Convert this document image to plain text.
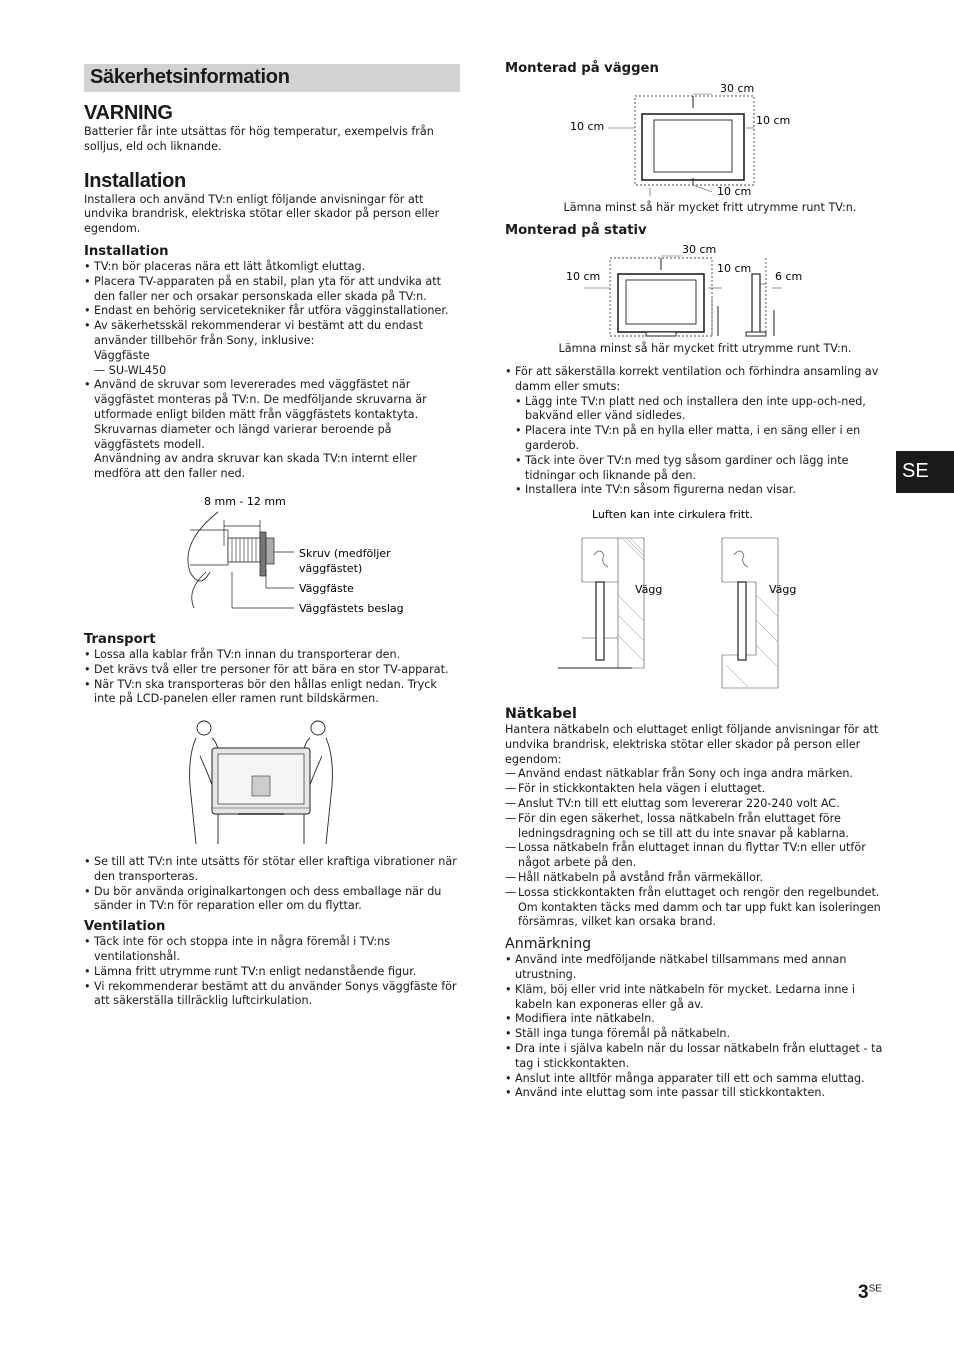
Säkerhetsinformation
VARNING

Batterier får inte utsättas för hög temperatur, exempelvis från solljus, eld och liknande.

Installation

Installera och använd TV:n enligt följande anvisningar för att undvika brandrisk, elektriska stötar eller skador på person eller egendom.

Installation
• TV:n bör placeras nära ett lätt åtkomligt eluttag.
• Placera TV-apparaten på en stabil, plan yta för att undvika att den faller ner och orsakar personskada eller skada på TV:n.
• Endast en behörig servicetekniker får utföra vägginstallationer.
• Av säkerhetsskäl rekommenderar vi bestämt att du endast använder tillbehör från Sony, inklusive:
Väggfäste
— SU-WL450
• Använd de skruvar som levererades med väggfästet när väggfästet monteras på TV:n. De medföljande skruvarna är utformade enligt bilden mätt från väggfästets kontaktyta. Skruvarnas diameter och längd varierar beroende på väggfästets modell.
Användning av andra skruvar kan skada TV:n internt eller medföra att den faller ned.
8 mm - 12 mm
Skruv (medföljer
väggfästet)
Väggfäste
Väggfästets beslag
Transport
• Lossa alla kablar från TV:n innan du transporterar den.
• Det krävs två eller tre personer för att bära en stor TV-apparat.
• När TV:n ska transporteras bör den hållas enligt nedan. Tryck inte på LCD-panelen eller ramen runt bildskärmen.
• Se till att TV:n inte utsätts för stötar eller kraftiga vibrationer när den transporteras.
• Du bör använda originalkartongen och dess emballage när du sänder in TV:n för reparation eller om du flyttar.
Ventilation
• Täck inte för och stoppa inte in några föremål i TV:ns ventilationshål.
• Lämna fritt utrymme runt TV:n enligt nedanstående figur.
• Vi rekommenderar bestämt att du använder Sonys väggfäste för att säkerställa tillräcklig luftcirkulation.
Monterad på väggen
30 cm
10 cm	10 cm
10 cm
Lämna minst så här mycket fritt utrymme runt TV:n.
Monterad på stativ
30 cm
10 cm
10 cm
6 cm
Lämna minst så här mycket fritt utrymme runt TV:n.
• För att säkerställa korrekt ventilation och förhindra ansamling av damm eller smuts:
• Lägg inte TV:n platt ned och installera den inte upp-och-ned, bakvänd eller vänd sidledes.
• Placera inte TV:n på en hylla eller matta, i en säng eller i en garderob.
• Täck inte över TV:n med tyg såsom gardiner och lägg inte tidningar och liknande på den.
• Installera inte TV:n såsom figurerna nedan visar.
Luften kan inte cirkulera fritt.
Vägg	Vägg
Nätkabel

Hantera nätkabeln och eluttaget enligt följande anvisningar för att undvika brandrisk, elektriska stötar eller skador på person eller egendom:

— Använd endast nätkablar från Sony och inga andra märken.
— För in stickkontakten hela vägen i eluttaget.
— Anslut TV:n till ett eluttag som levererar 220-240 volt AC.
— För din egen säkerhet, lossa nätkabeln från eluttaget före ledningsdragning och se till att du inte snavar på kablarna.
— Lossa nätkabeln från eluttaget innan du flyttar TV:n eller utför något arbete på den.
— Håll nätkabeln på avstånd från värmekällor.
— Lossa stickkontakten från eluttaget och rengör den regelbundet. Om kontakten täcks med damm och tar upp fukt kan isoleringen försämras, vilket kan orsaka brand.
Anmärkning
• Använd inte medföljande nätkabel tillsammans med annan utrustning.
• Kläm, böj eller vrid inte nätkabeln för mycket. Ledarna inne i kabeln kan exponeras eller gå av.
• Modifiera inte nätkabeln.
• Ställ inga tunga föremål på nätkabeln.
• Dra inte i själva kabeln när du lossar nätkabeln från eluttaget - ta tag i stickkontakten.
• Anslut inte alltför många apparater till ett och samma eluttag.
• Använd inte eluttag som inte passar till stickkontakten.
SE
$3^{SE}$
